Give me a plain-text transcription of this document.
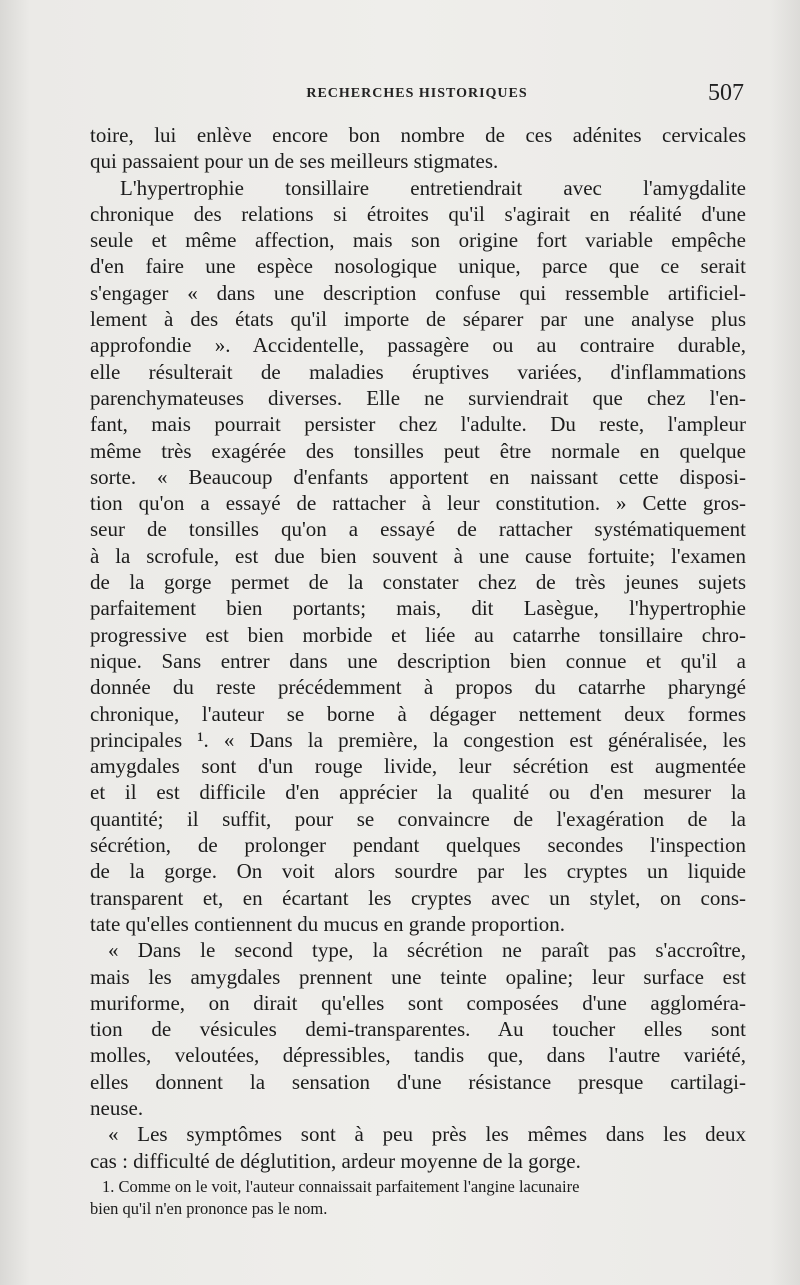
RECHERCHES HISTORIQUES	507
toire, lui enlève encore bon nombre de ces adénites cervicales
qui passaient pour un de ses meilleurs stigmates.
L'hypertrophie tonsillaire entretiendrait avec l'amygdalite
chronique des relations si étroites qu'il s'agirait en réalité d'une
seule et même affection, mais son origine fort variable empêche
d'en faire une espèce nosologique unique, parce que ce serait
s'engager « dans une description confuse qui ressemble artificiel-
lement à des états qu'il importe de séparer par une analyse plus
approfondie ». Accidentelle, passagère ou au contraire durable,
elle résulterait de maladies éruptives variées, d'inflammations
parenchymateuses diverses. Elle ne surviendrait que chez l'en-
fant, mais pourrait persister chez l'adulte. Du reste, l'ampleur
même très exagérée des tonsilles peut être normale en quelque
sorte. « Beaucoup d'enfants apportent en naissant cette disposi-
tion qu'on a essayé de rattacher à leur constitution. » Cette gros-
seur de tonsilles qu'on a essayé de rattacher systématiquement
à la scrofule, est due bien souvent à une cause fortuite; l'examen
de la gorge permet de la constater chez de très jeunes sujets
parfaitement bien portants; mais, dit Lasègue, l'hypertrophie
progressive est bien morbide et liée au catarrhe tonsillaire chro-
nique. Sans entrer dans une description bien connue et qu'il a
donnée du reste précédemment à propos du catarrhe pharyngé
chronique, l'auteur se borne à dégager nettement deux formes
principales ¹. « Dans la première, la congestion est généralisée, les
amygdales sont d'un rouge livide, leur sécrétion est augmentée
et il est difficile d'en apprécier la qualité ou d'en mesurer la
quantité; il suffit, pour se convaincre de l'exagération de la
sécrétion, de prolonger pendant quelques secondes l'inspection
de la gorge. On voit alors sourdre par les cryptes un liquide
transparent et, en écartant les cryptes avec un stylet, on cons-
tate qu'elles contiennent du mucus en grande proportion.
« Dans le second type, la sécrétion ne paraît pas s'accroître,
mais les amygdales prennent une teinte opaline; leur surface est
muriforme, on dirait qu'elles sont composées d'une aggloméra-
tion de vésicules demi-transparentes. Au toucher elles sont
molles, veloutées, dépressibles, tandis que, dans l'autre variété,
elles donnent la sensation d'une résistance presque cartilagi-
neuse.
« Les symptômes sont à peu près les mêmes dans les deux
cas : difficulté de déglutition, ardeur moyenne de la gorge.
1. Comme on le voit, l'auteur connaissait parfaitement l'angine lacunaire
bien qu'il n'en prononce pas le nom.
